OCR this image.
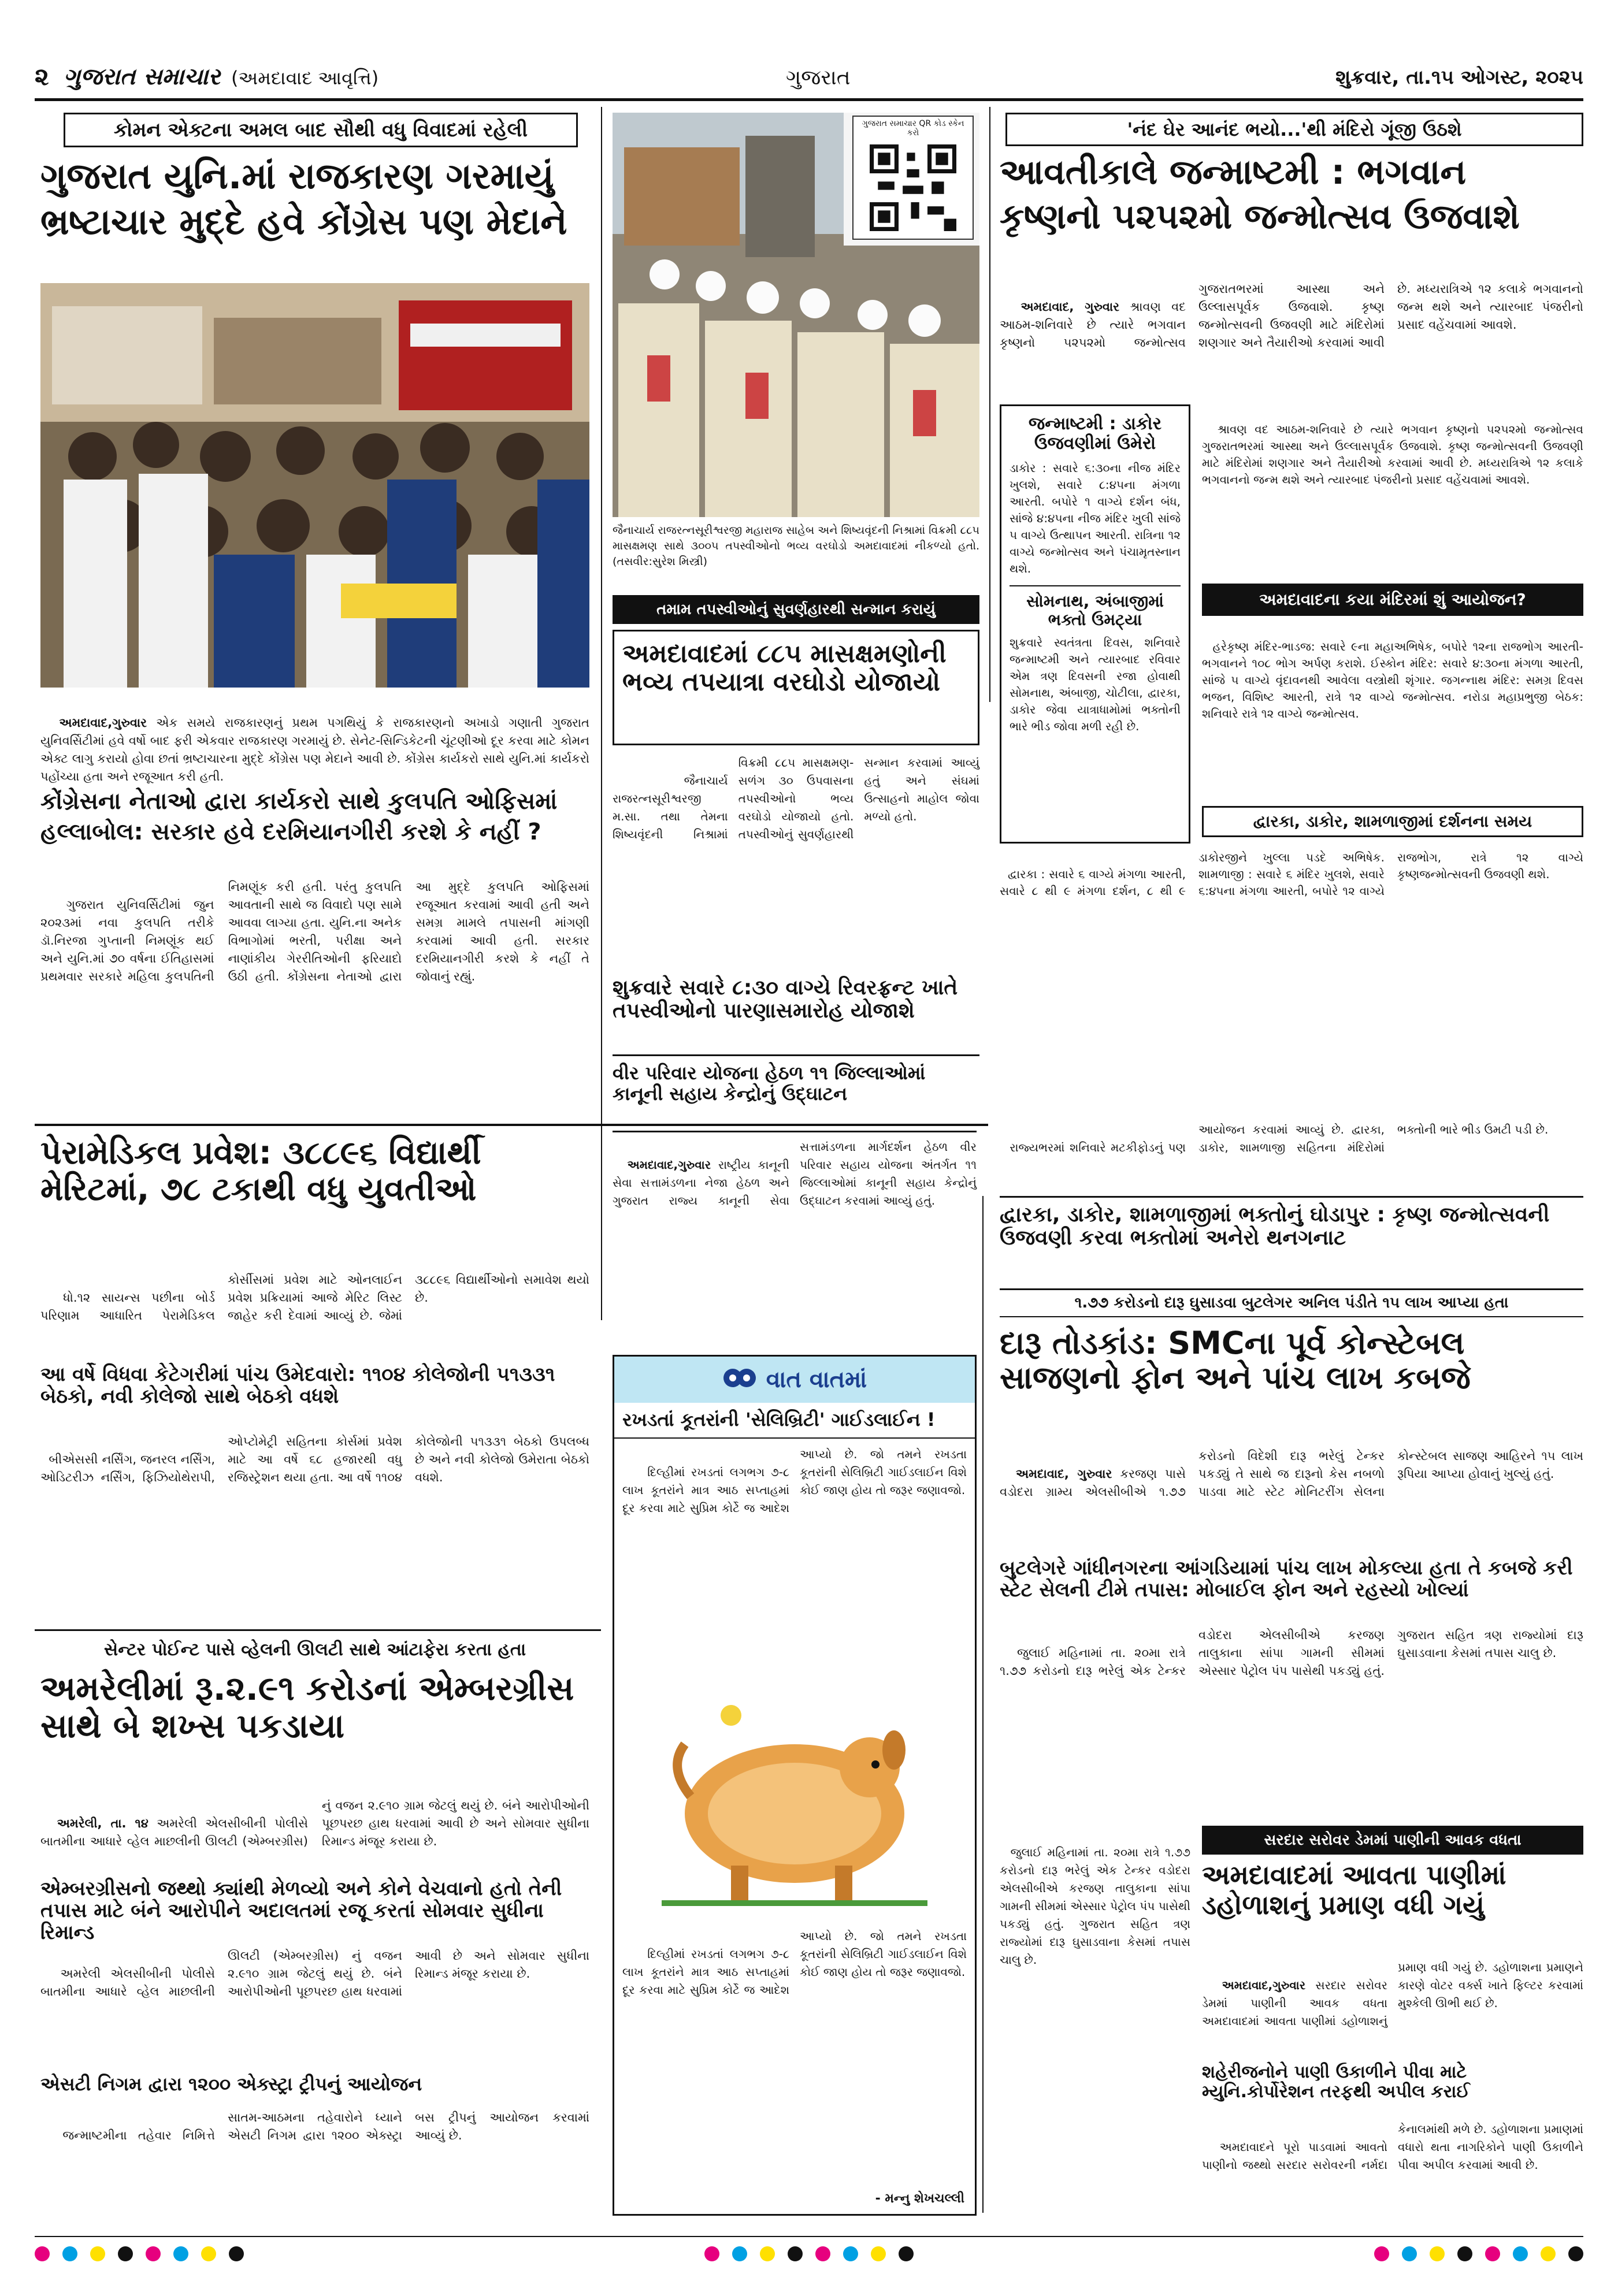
૨ ગુજરાત સમાચાર (અમદાવાદ આવૃત્તિ)	ગુજરાત	શુક્રવાર, તા.૧૫ ઓગસ્ટ, ૨૦૨૫
કોમન એક્ટના અમલ બાદ સૌથી વધુ વિવાદમાં રહેલી
ગુજરાત યુનિ.માં રાજકારણ ગરમાયું
ભ્રષ્ટાચાર મુદ્દે હવે કોંગ્રેસ પણ મેદાને

અમદાવાદ,ગુરુવાર એક સમયે રાજકારણનું પ્રથમ પગથિયું કે રાજકારણનો અખાડો ગણાતી ગુજરાત યુનિવર્સિટીમાં હવે વર્ષો બાદ ફરી એકવાર રાજકારણ ગરમાયું છે. સેનેટ-સિન્ડિકેટની ચૂંટણીઓ દૂર કરવા માટે કોમન એક્ટ લાગુ કરાયો હોવા છતાં ભ્રષ્ટાચારના મુદ્દે કોંગ્રેસ પણ મેદાને આવી છે. કોંગ્રેસ કાર્યકરો સાથે યુનિ.માં કાર્યકરો પહોંચ્યા હતા અને રજૂઆત કરી હતી.

કોંગ્રેસના નેતાઓ દ્વારા કાર્યકરો સાથે કુલપતિ ઓફિસમાં
હલ્લાબોલ: સરકાર હવે દરમિયાનગીરી કરશે કે નહીં ?

ગુજરાત યુનિવર્સિટીમાં જુન ૨૦૨૩માં નવા કુલપતિ તરીકે ડૉ.નિરજા ગુપ્તાની નિમણૂંક થઈ અને યુનિ.માં ૭૦ વર્ષના ઈતિહાસમાં પ્રથમવાર સરકારે મહિલા કુલપતિની નિમણૂંક કરી હતી. પરંતુ કુલપતિ આવતાની સાથે જ વિવાદો પણ સામે આવવા લાગ્યા હતા. યુનિ.ના અનેક વિભાગોમાં ભરતી, પરીક્ષા અને નાણાંકીય ગેરરીતિઓની ફરિયાદો ઉઠી હતી. કોંગ્રેસના નેતાઓ દ્વારા આ મુદ્દે કુલપતિ ઓફિસમાં રજૂઆત કરવામાં આવી હતી અને સમગ્ર મામલે તપાસની માંગણી કરવામાં આવી હતી. સરકાર દરમિયાનગીરી કરશે કે નહીં તે જોવાનું રહ્યું.

ગુજરાત સમાચાર QR કોડ સ્કેન કરો
જૈનાચાર્ય રાજરત્નસૂરીશ્વરજી મહારાજ સાહેબ અને શિષ્યવૃંદની નિશ્રામાં વિક્રમી ૮૮૫ માસક્ષમણ સાથે ૩૦૦૫ તપસ્વીઓનો ભવ્ય વરઘોડો અમદાવાદમાં નીકળ્યો હતો. (તસવીર:સુરેશ મિસ્ત્રી)
તમામ તપસ્વીઓનું સુવર્ણહારથી સન્માન કરાયું
અમદાવાદમાં ૮૮૫ માસક્ષમણોની ભવ્ય તપયાત્રા વરઘોડો યોજાયો

જૈનાચાર્ય રાજરત્નસૂરીશ્વરજી મ.સા. તથા તેમના શિષ્યવૃંદની નિશ્રામાં વિક્રમી ૮૮૫ માસક્ષમણ-સળંગ ૩૦ ઉપવાસના તપસ્વીઓનો ભવ્ય વરઘોડો યોજાયો હતો. તપસ્વીઓનું સુવર્ણહારથી સન્માન કરવામાં આવ્યું હતું અને સંઘમાં ઉત્સાહનો માહોલ જોવા મળ્યો હતો.

શુક્રવારે સવારે ૮:૩૦ વાગ્યે રિવરફ્રન્ટ ખાતે તપસ્વીઓનો પારણાસમારોહ યોજાશે
'નંદ ઘેર આનંદ ભયો...'થી મંદિરો ગૂંજી ઉઠશે
આવતીકાલે જન્માષ્ટમી : ભગવાન
કૃષ્ણનો ૫૨૫૨મો જન્મોત્સવ ઉજવાશે

અમદાવાદ, ગુરુવાર શ્રાવણ વદ આઠમ-શનિવારે છે ત્યારે ભગવાન કૃષ્ણનો ૫૨૫૨મો જન્મોત્સવ ગુજરાતભરમાં આસ્થા અને ઉલ્લાસપૂર્વક ઉજવાશે. કૃષ્ણ જન્મોત્સવની ઉજવણી માટે મંદિરોમાં શણગાર અને તૈયારીઓ કરવામાં આવી છે. મધ્યરાત્રિએ ૧૨ કલાકે ભગવાનનો જન્મ થશે અને ત્યારબાદ પંજરીનો પ્રસાદ વહેંચવામાં આવશે.

જન્માષ્ટમી : ડાકોર ઉજવણીમાં ઉમેરો
ડાકોર : સવારે ૬:૩૦ના નીજ મંદિર ખુલશે, સવારે ૮:૪૫ના મંગળા આરતી. બપોરે ૧ વાગ્યે દર્શન બંધ, સાંજે ૪:૪૫ના નીજ મંદિર ખુલી સાંજે ૫ વાગ્યે ઉત્થાપન આરતી. રાત્રિના ૧૨ વાગ્યે જન્મોત્સવ અને પંચામૃતસ્નાન થશે.
સોમનાથ, અંબાજીમાં ભક્તો ઉમટ્યા
શુક્રવારે સ્વતંત્રતા દિવસ, શનિવારે જન્માષ્ટમી અને ત્યારબાદ રવિવાર એમ ત્રણ દિવસની રજા હોવાથી સોમનાથ, અંબાજી, ચોટીલા, દ્વારકા, ડાકોર જેવા યાત્રાધામોમાં ભક્તોની ભારે ભીડ જોવા મળી રહી છે.

શ્રાવણ વદ આઠમ-શનિવારે છે ત્યારે ભગવાન કૃષ્ણનો ૫૨૫૨મો જન્મોત્સવ ગુજરાતભરમાં આસ્થા અને ઉલ્લાસપૂર્વક ઉજવાશે. કૃષ્ણ જન્મોત્સવની ઉજવણી માટે મંદિરોમાં શણગાર અને તૈયારીઓ કરવામાં આવી છે. મધ્યરાત્રિએ ૧૨ કલાકે ભગવાનનો જન્મ થશે અને ત્યારબાદ પંજરીનો પ્રસાદ વહેંચવામાં આવશે.

અમદાવાદના કયા મંદિરમાં શું આયોજન?

હરેકૃષ્ણ મંદિર-ભાડજ: સવારે ૯ના મહાઅભિષેક, બપોરે ૧૨ના રાજભોગ આરતી-ભગવાનને ૧૦૮ ભોગ અર્પણ કરાશે. ઈસ્કોન મંદિર: સવારે ૪:૩૦ના મંગળા આરતી, સાંજે ૫ વાગ્યે વૃંદાવનથી આવેલા વસ્ત્રોથી શૃંગાર. જગન્નાથ મંદિર: સમગ્ર દિવસ ભજન, વિશિષ્ટ આરતી, રાત્રે ૧૨ વાગ્યે જન્મોત્સવ. નરોડા મહાપ્રભુજી બેઠક: શનિવારે રાત્રે ૧૨ વાગ્યે જન્મોત્સવ.

દ્વારકા, ડાકોર, શામળાજીમાં દર્શનના સમય

દ્વારકા : સવારે ૬ વાગ્યે મંગળા આરતી, સવારે ૮ થી ૯ મંગળા દર્શન, ૮ થી ૯ ડાકોરજીને ખુલ્લા પડદે અભિષેક. શામળાજી : સવારે ૬ મંદિર ખુલશે, સવારે ૬:૪૫ના મંગળા આરતી, બપોરે ૧૨ વાગ્યે રાજભોગ, રાત્રે ૧૨ વાગ્યે કૃષ્ણજન્મોત્સવની ઉજવણી થશે.

પેરામેડિકલ પ્રવેશ: ૩૮૮૯૬ વિદ્યાર્થી મેરિટમાં, ૭૮ ટકાથી વધુ યુવતીઓ

ધો.૧૨ સાયન્સ પછીના બોર્ડ પરિણામ આધારિત પેરામેડિકલ કોર્સીસમાં પ્રવેશ માટે ઓનલાઈન પ્રવેશ પ્રક્રિયામાં આજે મેરિટ લિસ્ટ જાહેર કરી દેવામાં આવ્યું છે. જેમાં ૩૮૮૯૬ વિદ્યાર્થીઓનો સમાવેશ થયો છે.

આ વર્ષે વિધવા કેટેગરીમાં પાંચ ઉમેદવારો: ૧૧૦૪ કોલેજોની ૫૧૩૩૧ બેઠકો, નવી કોલેજો સાથે બેઠકો વધશે

બીએસસી નર્સિંગ, જનરલ નર્સિંગ, ઓડિટરીઝ નર્સિંગ, ફિઝિયોથેરાપી, ઓપ્ટોમેટ્રી સહિતના કોર્સમાં પ્રવેશ માટે આ વર્ષે ૬૮ હજારથી વધુ રજિસ્ટ્રેશન થયા હતા. આ વર્ષે ૧૧૦૪ કોલેજોની ૫૧૩૩૧ બેઠકો ઉપલબ્ધ છે અને નવી કોલેજો ઉમેરાતા બેઠકો વધશે.

સેન્ટર પોઈન્ટ પાસે વ્હેલની ઊલટી સાથે આંટાફેરા કરતા હતા
અમરેલીમાં રૂ.૨.૯૧ કરોડનાં એમ્બરગ્રીસ સાથે બે શખ્સ પકડાયા

અમરેલી, તા. ૧૪ અમરેલી એલસીબીની પોલીસે બાતમીના આધારે વ્હેલ માછલીની ઊલટી (એમ્બરગ્રીસ) નું વજન ૨.૯૧૦ ગ્રામ જેટલું થયું છે. બંને આરોપીઓની પૂછપરછ હાથ ધરવામાં આવી છે અને સોમવાર સુધીના રિમાન્ડ મંજૂર કરાયા છે.

એમ્બરગ્રીસનો જથ્થો ક્યાંથી મેળવ્યો અને કોને વેચવાનો હતો તેની તપાસ માટે બંને આરોપીને અદાલતમાં રજૂ કરતાં સોમવાર સુધીના રિમાન્ડ

અમરેલી એલસીબીની પોલીસે બાતમીના આધારે વ્હેલ માછલીની ઊલટી (એમ્બરગ્રીસ) નું વજન ૨.૯૧૦ ગ્રામ જેટલું થયું છે. બંને આરોપીઓની પૂછપરછ હાથ ધરવામાં આવી છે અને સોમવાર સુધીના રિમાન્ડ મંજૂર કરાયા છે.

એસટી નિગમ દ્વારા ૧૨૦૦ એક્સ્ટ્રા ટ્રીપનું આયોજન

જન્માષ્ટમીના તહેવાર નિમિત્તે સાતમ-આઠમના તહેવારોને ધ્યાને એસટી નિગમ દ્વારા ૧૨૦૦ એક્સ્ટ્રા બસ ટ્રીપનું આયોજન કરવામાં આવ્યું છે.

વીર પરિવાર યોજના હેઠળ ૧૧ જિલ્લાઓમાં કાનૂની સહાય કેન્દ્રોનું ઉદ્ઘાટન

અમદાવાદ,ગુરુવાર રાષ્ટ્રીય કાનૂની સેવા સત્તામંડળના નેજા હેઠળ અને ગુજરાત રાજ્ય કાનૂની સેવા સત્તામંડળના માર્ગદર્શન હેઠળ વીર પરિવાર સહાય યોજના અંતર્ગત ૧૧ જિલ્લાઓમાં કાનૂની સહાય કેન્દ્રોનું ઉદ્ઘાટન કરવામાં આવ્યું હતું.

વાત વાતમાં
રખડતાં કૂતરાંની 'સેલિબ્રિટી' ગાઈડલાઈન !

દિલ્હીમાં રખડતાં લગભગ ૭-૮ લાખ કૂતરાંને માત્ર આઠ સપ્તાહમાં દૂર કરવા માટે સુપ્રિમ કોર્ટે જ આદેશ આપ્યો છે. જો તમને રખડતા કૂતરાંની સેલિબ્રિટી ગાઈડલાઈન વિશે કોઈ જાણ હોય તો જરૂર જણાવજો.

દિલ્હીમાં રખડતાં લગભગ ૭-૮ લાખ કૂતરાંને માત્ર આઠ સપ્તાહમાં દૂર કરવા માટે સુપ્રિમ કોર્ટે જ આદેશ આપ્યો છે. જો તમને રખડતા કૂતરાંની સેલિબ્રિટી ગાઈડલાઈન વિશે કોઈ જાણ હોય તો જરૂર જણાવજો.

- મન્નુ શેખચલ્લી
દ્વારકા, ડાકોર, શામળાજીમાં ભક્તોનું ઘોડાપુર : કૃષ્ણ જન્મોત્સવની ઉજવણી કરવા ભક્તોમાં અનેરો થનગનાટ

રાજ્યભરમાં શનિવારે મટકીફોડનું પણ આયોજન કરવામાં આવ્યું છે. દ્વારકા, ડાકોર, શામળાજી સહિતના મંદિરોમાં ભક્તોની ભારે ભીડ ઉમટી પડી છે.

૧.૭૭ કરોડનો દારૂ ઘુસાડવા બુટલેગર અનિલ પંડીતે ૧૫ લાખ આપ્યા હતા
દારૂ તોડકાંડ: SMCના પૂર્વ કોન્સ્ટેબલ સાજણનો ફોન અને પાંચ લાખ કબજે

અમદાવાદ, ગુરુવાર કરજણ પાસે વડોદરા ગ્રામ્ય એલસીબીએ ૧.૭૭ કરોડનો વિદેશી દારૂ ભરેલું ટેન્કર પકડ્યું તે સાથે જ દારૂનો કેસ નબળો પાડવા માટે સ્ટેટ મોનિટરીંગ સેલના કોન્સ્ટેબલ સાજણ આહિરને ૧૫ લાખ રૂપિયા આપ્યા હોવાનું ખુલ્યું હતું.

બુટલેગરે ગાંધીનગરના આંગડિયામાં પાંચ લાખ મોકલ્યા હતા તે કબજે કરી સ્ટેટ સેલની ટીમે તપાસ: મોબાઈલ ફોન અને રહસ્યો ખોલ્યાં

જુલાઈ મહિનામાં તા. ૨૦મા રાત્રે ૧.૭૭ કરોડનો દારૂ ભરેલું એક ટેન્કર વડોદરા એલસીબીએ કરજણ તાલુકાના સાંપા ગામની સીમમાં એસ્સાર પેટ્રોલ પંપ પાસેથી પકડ્યું હતું. ગુજરાત સહિત ત્રણ રાજ્યોમાં દારૂ ઘુસાડવાના કેસમાં તપાસ ચાલુ છે.

સરદાર સરોવર ડેમમાં પાણીની આવક વધતા
અમદાવાદમાં આવતા પાણીમાં ડહોળાશનું પ્રમાણ વધી ગયું

અમદાવાદ,ગુરુવાર સરદાર સરોવર ડેમમાં પાણીની આવક વધતા અમદાવાદમાં આવતા પાણીમાં ડહોળાશનું પ્રમાણ વધી ગયું છે. ડહોળાશના પ્રમાણને કારણે વોટર વર્ક્સ ખાતે ફિલ્ટર કરવામાં મુશ્કેલી ઊભી થઈ છે.

શહેરીજનોને પાણી ઉકાળીને પીવા માટે મ્યુનિ.કોર્પોરેશન તરફથી અપીલ કરાઈ

અમદાવાદને પૂરો પાડવામાં આવતો પાણીનો જથ્થો સરદાર સરોવરની નર્મદા કેનાલમાંથી મળે છે. ડહોળાશના પ્રમાણમાં વધારો થતા નાગરિકોને પાણી ઉકાળીને પીવા અપીલ કરવામાં આવી છે.

જુલાઈ મહિનામાં તા. ૨૦મા રાત્રે ૧.૭૭ કરોડનો દારૂ ભરેલું એક ટેન્કર વડોદરા એલસીબીએ કરજણ તાલુકાના સાંપા ગામની સીમમાં એસ્સાર પેટ્રોલ પંપ પાસેથી પકડ્યું હતું. ગુજરાત સહિત ત્રણ રાજ્યોમાં દારૂ ઘુસાડવાના કેસમાં તપાસ ચાલુ છે.
